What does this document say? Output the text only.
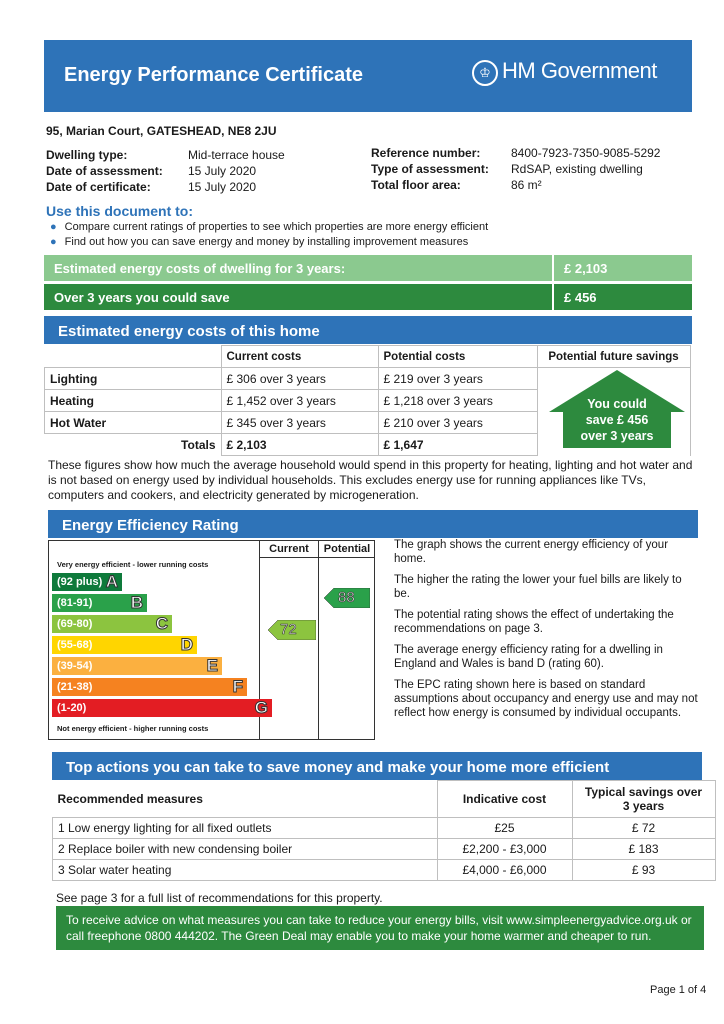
Energy Performance Certificate	♔ HM Government
95, Marian Court, GATESHEAD, NE8 2JU
Dwelling type:	Mid-terrace house
Date of assessment: 15 July 2020
Date of certificate:	15 July 2020
Reference number:	8400-7923-7350-9085-5292
Type of assessment: RdSAP, existing dwelling
Total floor area:	86 m²
Use this document to:
● Compare current ratings of properties to see which properties are more energy efficient
● Find out how you can save energy and money by installing improvement measures
Estimated energy costs of dwelling for 3 years:	£ 2,103
Over 3 years you could save	£ 456
Estimated energy costs of this home
	Current costs	Potential costs	Potential future savings
Lighting	£ 306 over 3 years	£ 219 over 3 years	
Heating	£ 1,452 over 3 years	£ 1,218 over 3 years	
Hot Water	£ 345 over 3 years	£ 210 over 3 years	
Totals	£ 2,103	£ 1,647	
You could
save £ 456
over 3 years
These figures show how much the average household would spend in this property for heating, lighting and hot water and is not based on energy used by individual households. This excludes energy use for running appliances like TVs, computers and cookers, and electricity generated by microgeneration.
Energy Efficiency Rating
Current	Potential
Very energy efficient - lower running costs
Not energy efficient - higher running costs
(92 plus) A
(81-91) B
(69-80)	C
(55-68)	D
(39-54)	E
(21-38)	F
(1-20)	G
72
88

The graph shows the current energy efficiency of your home.

The higher the rating the lower your fuel bills are likely to be.

The potential rating shows the effect of undertaking the recommendations on page 3.

The average energy efficiency rating for a dwelling in England and Wales is band D (rating 60).

The EPC rating shown here is based on standard assumptions about occupancy and energy use and may not reflect how energy is consumed by individual occupants.

Top actions you can take to save money and make your home more efficient
Recommended measures	Indicative cost	Typical savings over 3 years
1 Low energy lighting for all fixed outlets	£25	£ 72
2 Replace boiler with new condensing boiler	£2,200 - £3,000	£ 183
3 Solar water heating	£4,000 - £6,000	£ 93
See page 3 for a full list of recommendations for this property.
To receive advice on what measures you can take to reduce your energy bills, visit www.simpleenergyadvice.org.uk or call freephone 0800 444202. The Green Deal may enable you to make your home warmer and cheaper to run.
Page 1 of 4
